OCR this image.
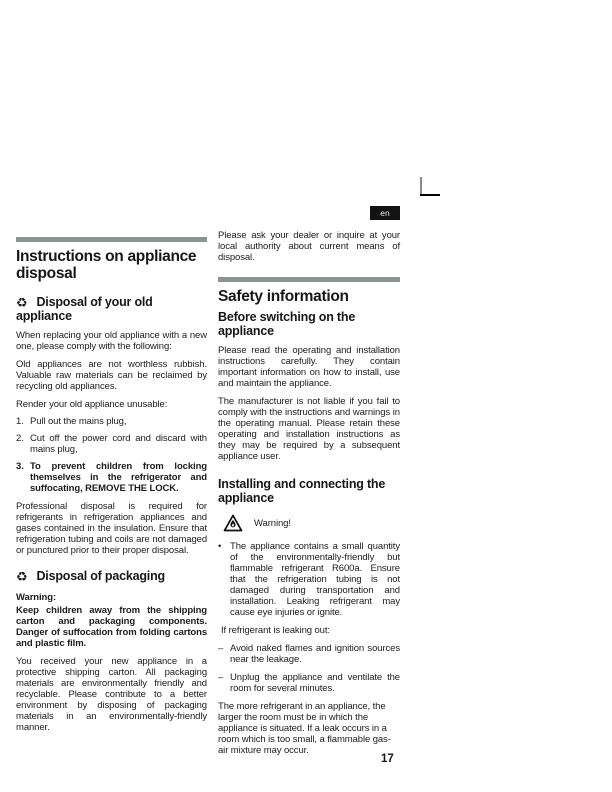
Instructions on appliance disposal
♻ Disposal of your old appliance

When replacing your old appliance with a new one, please comply with the following:

Old appliances are not worthless rubbish. Valuable raw materials can be reclaimed by recycling old appliances.

Render your old appliance unusable:

1. Pull out the mains plug,
2. Cut off the power cord and discard with mains plug,
3. To prevent children from locking themselves in the refrigerator and suffocating, REMOVE THE LOCK.

Professional disposal is required for refrigerants in refrigeration appliances and gases contained in the insulation. Ensure that refrigeration tubing and coils are not damaged or punctured prior to their proper disposal.

♻ Disposal of packaging

Warning:

Keep children away from the shipping carton and packaging components. Danger of suffocation from folding cartons and plastic film.

You received your new appliance in a protective shipping carton. All packaging materials are environmentally friendly and recyclable. Please contribute to a better environment by disposing of packaging materials in an environmentally-friendly manner.

en

Please ask your dealer or inquire at your local authority about current means of disposal.

Safety information
Before switching on the appliance

Please read the operating and installation instructions carefully. They contain important information on how to install, use and maintain the appliance.

The manufacturer is not liable if you fail to comply with the instructions and warnings in the operating manual. Please retain these operating and installation instructions as they may be required by a subsequent appliance user.

Installing and connecting the appliance
Warning!
• The appliance contains a small quantity of the environmentally-friendly but flammable refrigerant R600a. Ensure that the refrigeration tubing is not damaged during transportation and installation. Leaking refrigerant may cause eye injuries or ignite.

If refrigerant is leaking out:

– Avoid naked flames and ignition sources near the leakage.
– Unplug the appliance and ventilate the room for several minutes.

The more refrigerant in an appliance, the larger the room must be in which the appliance is situated. If a leak occurs in a room which is too small, a flammable gas-air mixture may occur.

17
